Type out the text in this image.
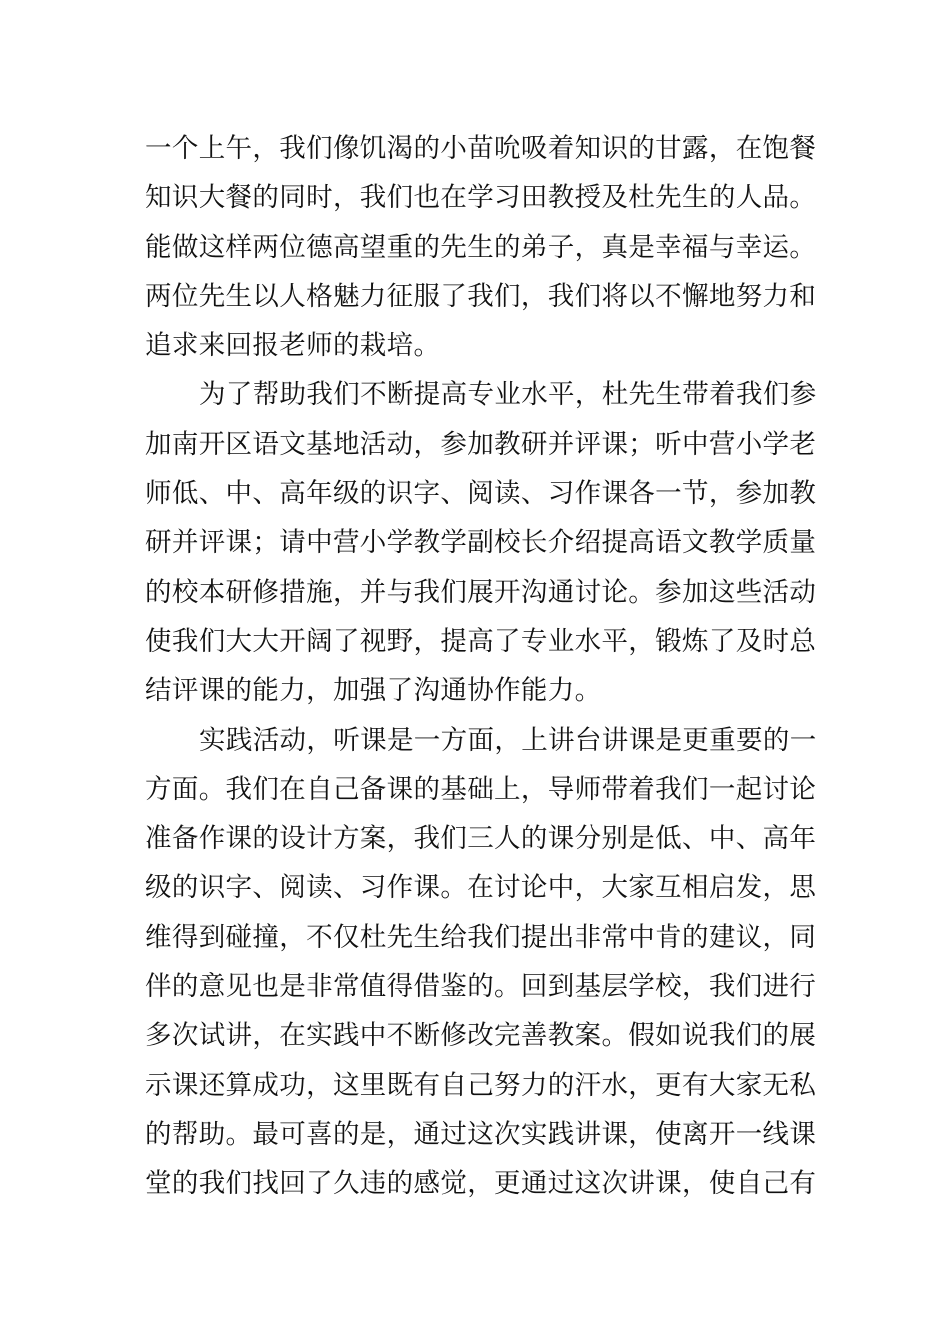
一个上午，我们像饥渴的小苗吮吸着知识的甘露，在饱餐
知识大餐的同时，我们也在学习田教授及杜先生的人品。
能做这样两位德高望重的先生的弟子，真是幸福与幸运。
两位先生以人格魅力征服了我们，我们将以不懈地努力和
追求来回报老师的栽培。
为了帮助我们不断提高专业水平，杜先生带着我们参
加南开区语文基地活动，参加教研并评课；听中营小学老
师低、中、高年级的识字、阅读、习作课各一节，参加教
研并评课；请中营小学教学副校长介绍提高语文教学质量
的校本研修措施，并与我们展开沟通讨论。参加这些活动
使我们大大开阔了视野，提高了专业水平，锻炼了及时总
结评课的能力，加强了沟通协作能力。
实践活动，听课是一方面，上讲台讲课是更重要的一
方面。我们在自己备课的基础上，导师带着我们一起讨论
准备作课的设计方案，我们三人的课分别是低、中、高年
级的识字、阅读、习作课。在讨论中，大家互相启发，思
维得到碰撞，不仅杜先生给我们提出非常中肯的建议，同
伴的意见也是非常值得借鉴的。回到基层学校，我们进行
多次试讲，在实践中不断修改完善教案。假如说我们的展
示课还算成功，这里既有自己努力的汗水，更有大家无私
的帮助。最可喜的是，通过这次实践讲课，使离开一线课
堂的我们找回了久违的感觉，更通过这次讲课，使自己有
